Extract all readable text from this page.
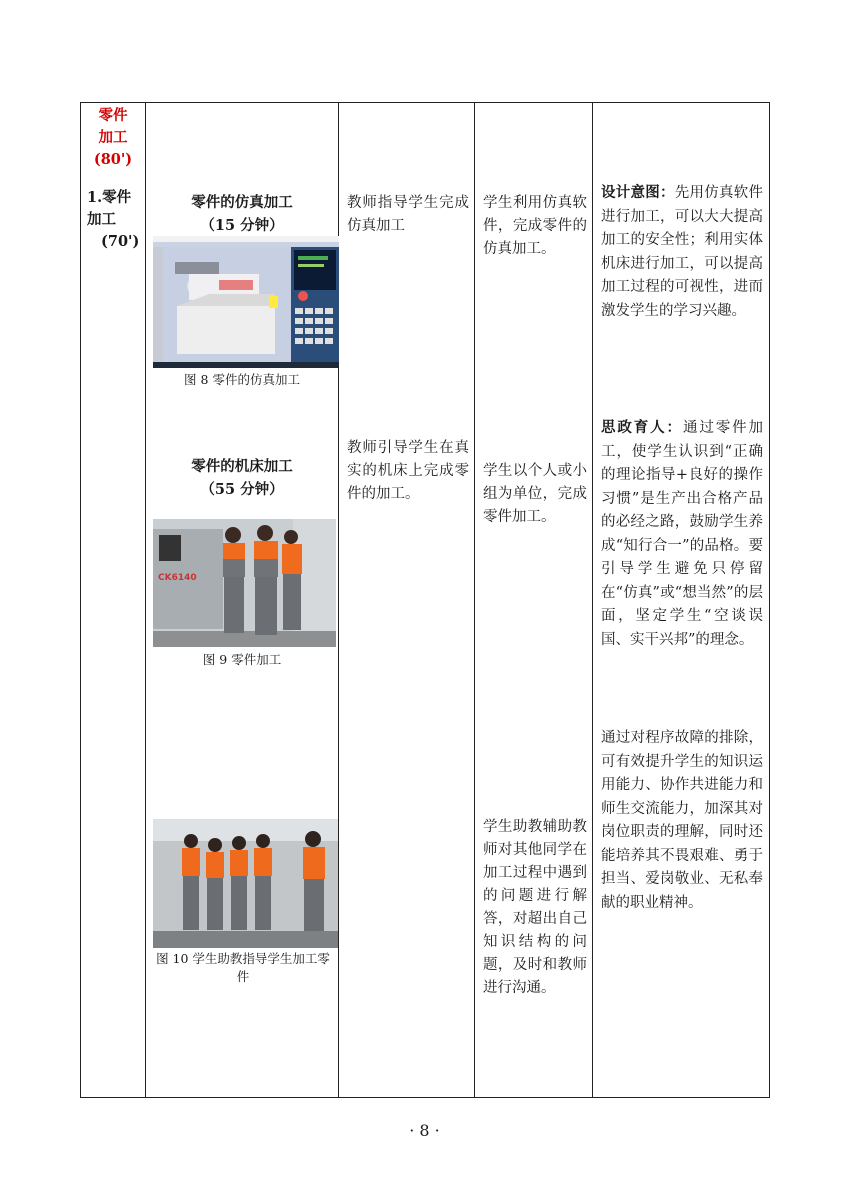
零件
加工
(80')
1.零件
加工
(70')
零件的仿真加工
（15 分钟）
图 8 零件的仿真加工
零件的机床加工
（55 分钟）
CK6140
图 9 零件加工
图 10 学生助教指导学生加工零件
教师指导学生完成仿真加工
教师引导学生在真实的机床上完成零件的加工。
学生利用仿真软件，完成零件的仿真加工。
学生以个人或小组为单位，完成零件加工。
学生助教辅助教师对其他同学在加工过程中遇到的问题进行解答，对超出自己知识结构的问题，及时和教师进行沟通。
设计意图：先用仿真软件进行加工，可以大大提高加工的安全性；利用实体机床进行加工，可以提高加工过程的可视性，进而激发学生的学习兴趣。
思政育人：通过零件加工，使学生认识到“正确的理论指导+良好的操作习惯”是生产出合格产品的必经之路，鼓励学生养成“知行合一”的品格。要引导学生避免只停留在“仿真”或“想当然”的层面，坚定学生“空谈误国、实干兴邦”的理念。
通过对程序故障的排除，可有效提升学生的知识运用能力、协作共进能力和师生交流能力，加深其对岗位职责的理解，同时还能培养其不畏艰难、勇于担当、爱岗敬业、无私奉献的职业精神。
· 8 ·
